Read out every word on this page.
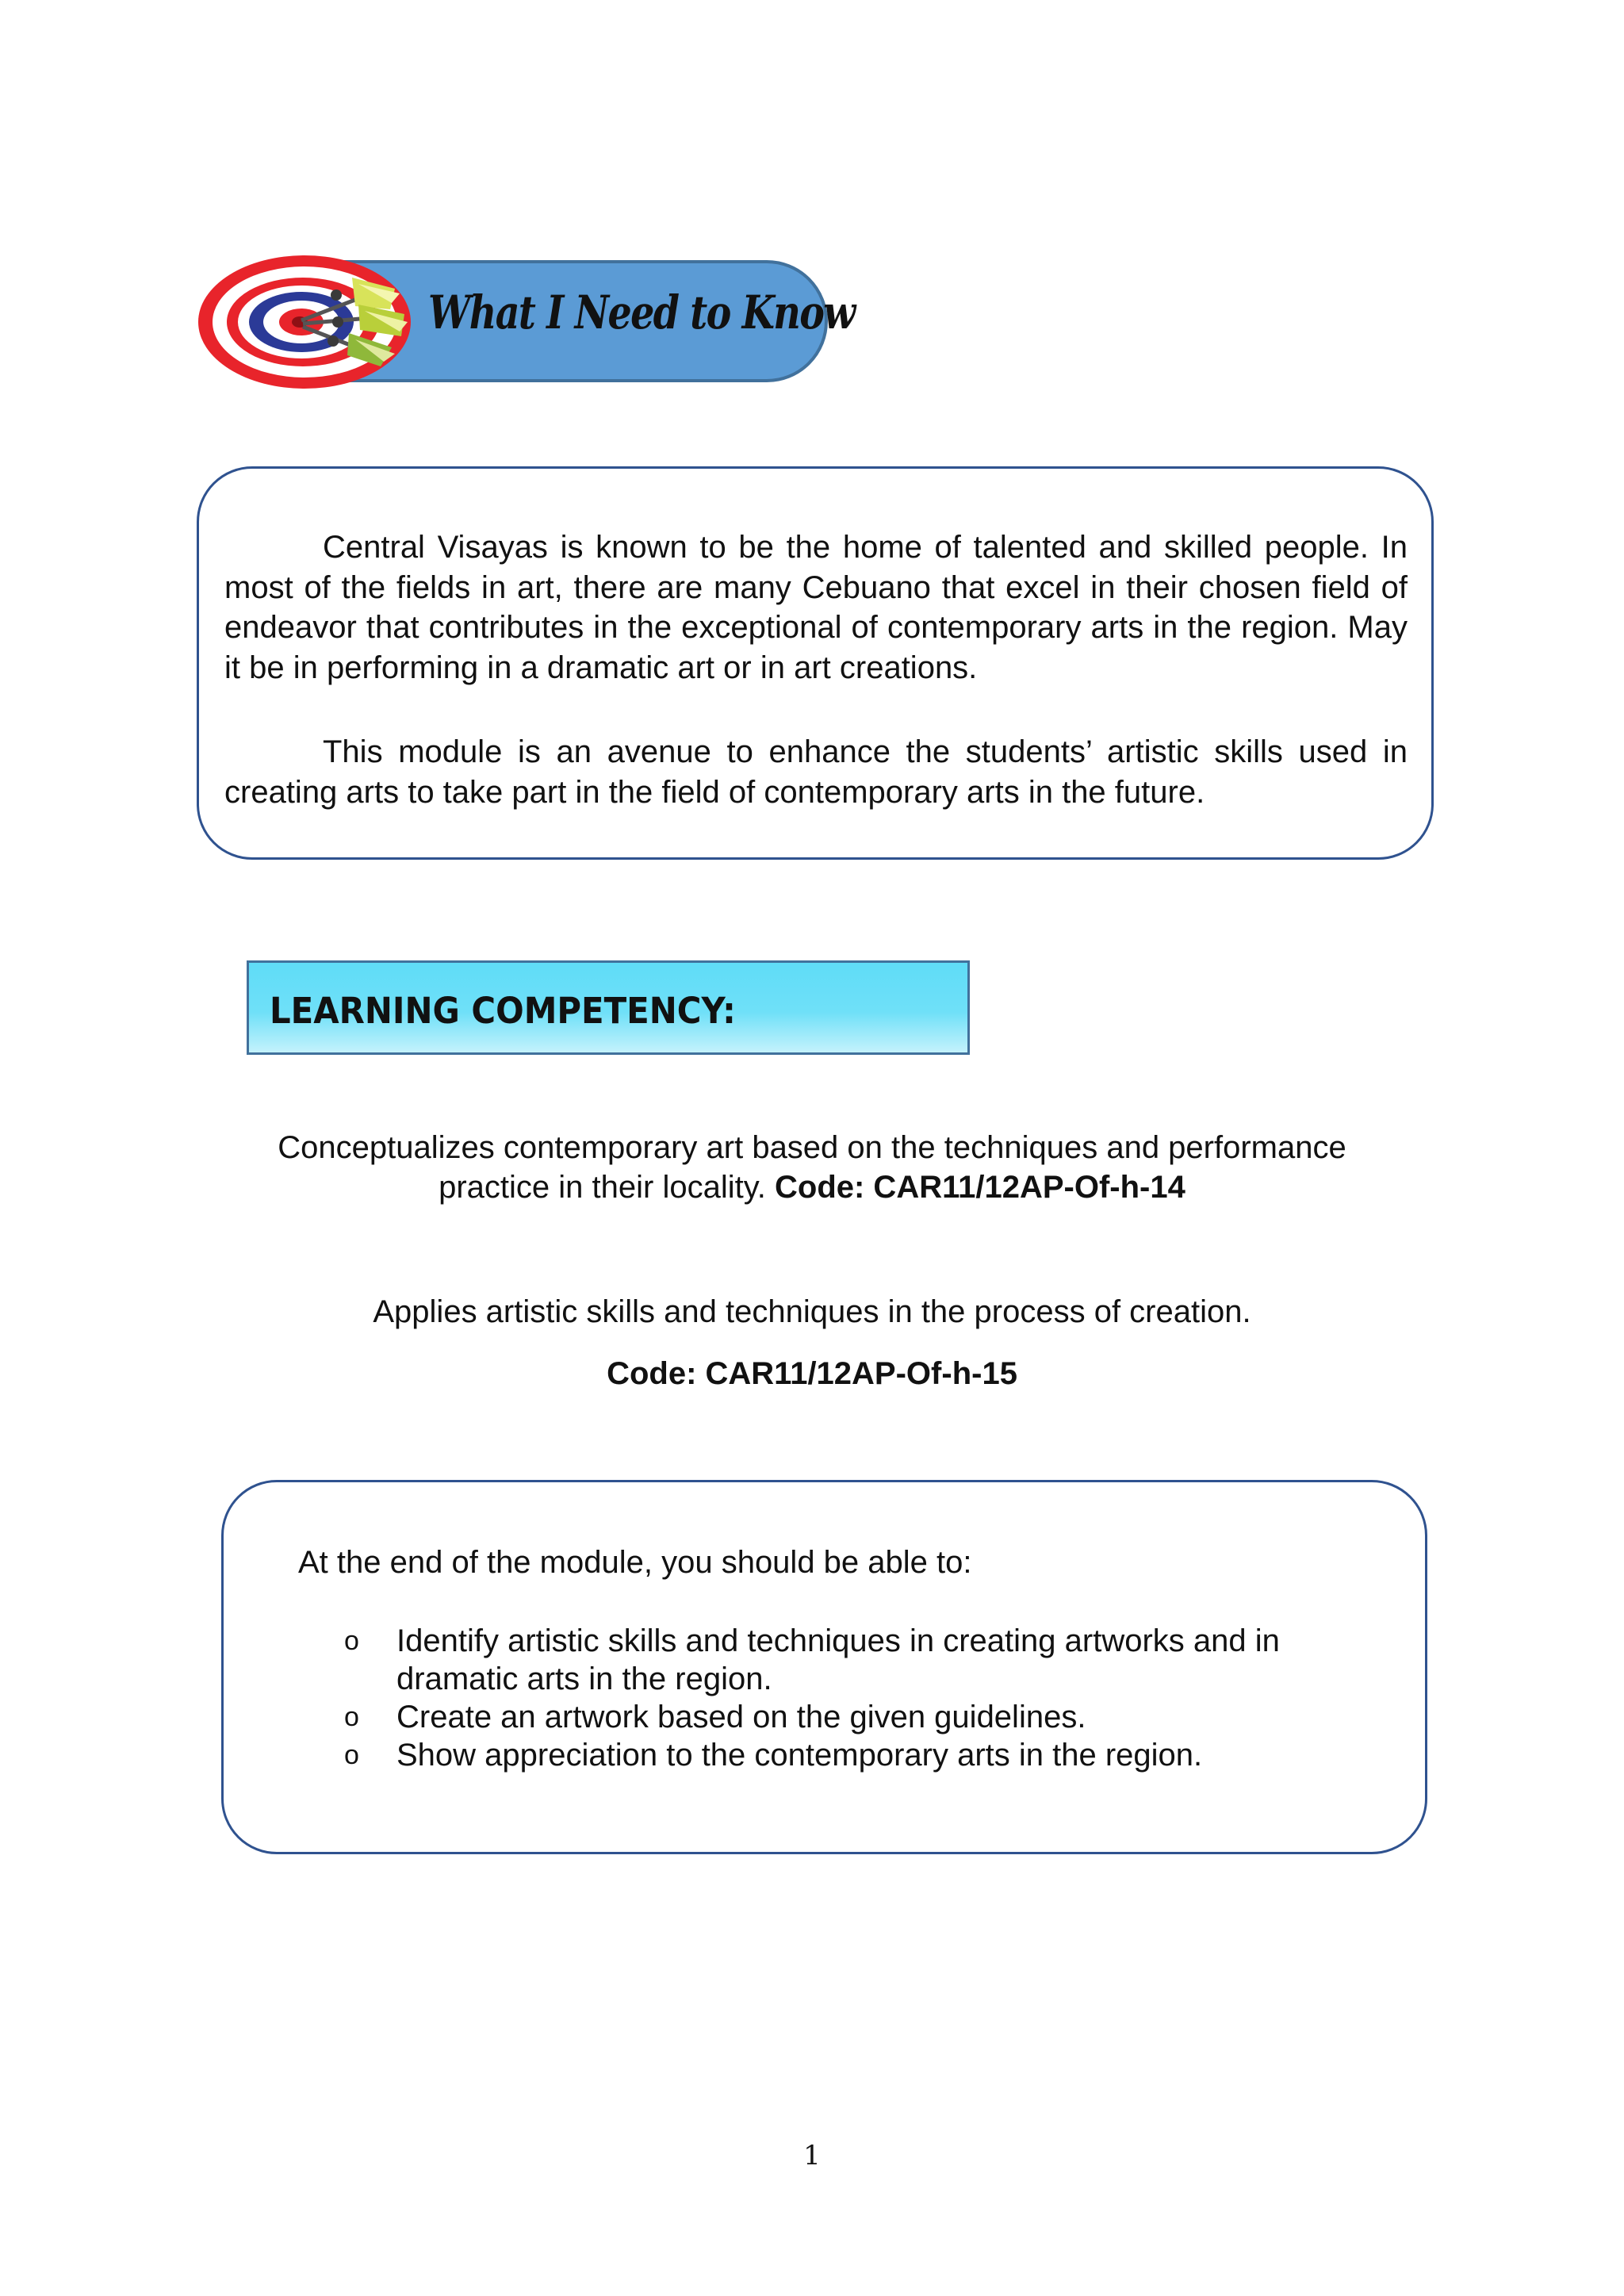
What I Need to Know

Central Visayas is known to be the home of talented and skilled people. In most of the fields in art, there are many Cebuano that excel in their chosen field of endeavor that contributes in the exceptional of contemporary arts in the region. May it be in performing in a dramatic art or in art creations.

This module is an avenue to enhance the students’ artistic skills used in creating arts to take part in the field of contemporary arts in the future.

LEARNING COMPETENCY:
Conceptualizes contemporary art based on the techniques and performance
practice in their locality. Code: CAR11/12AP-Of-h-14
Applies artistic skills and techniques in the process of creation.
Code: CAR11/12AP-Of-h-15

At the end of the module, you should be able to:

o Identify artistic skills and techniques in creating artworks and in dramatic arts in the region.
o Create an artwork based on the given guidelines.
o Show appreciation to the contemporary arts in the region.
1
